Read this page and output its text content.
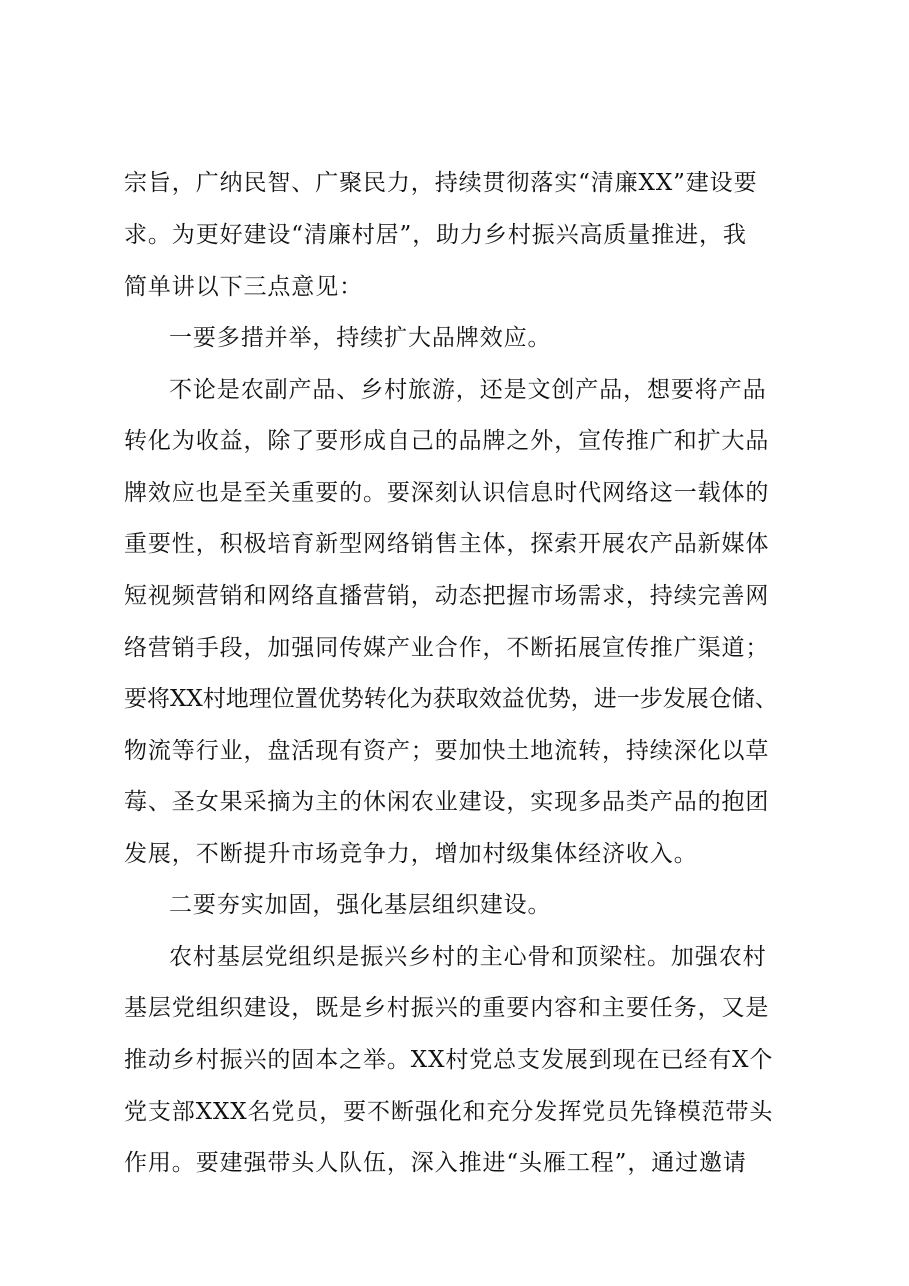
宗旨，广纳民智、广聚民力，持续贯彻落实“清廉XX”建设要
求。为更好建设“清廉村居”，助力乡村振兴高质量推进，我
简单讲以下三点意见：
一要多措并举，持续扩大品牌效应。
不论是农副产品、乡村旅游，还是文创产品，想要将产品
转化为收益，除了要形成自己的品牌之外，宣传推广和扩大品
牌效应也是至关重要的。要深刻认识信息时代网络这一载体的
重要性，积极培育新型网络销售主体，探索开展农产品新媒体
短视频营销和网络直播营销，动态把握市场需求，持续完善网
络营销手段，加强同传媒产业合作，不断拓展宣传推广渠道；
要将XX村地理位置优势转化为获取效益优势，进一步发展仓储、
物流等行业，盘活现有资产；要加快土地流转，持续深化以草
莓、圣女果采摘为主的休闲农业建设，实现多品类产品的抱团
发展，不断提升市场竞争力，增加村级集体经济收入。
二要夯实加固，强化基层组织建设。
农村基层党组织是振兴乡村的主心骨和顶梁柱。加强农村
基层党组织建设，既是乡村振兴的重要内容和主要任务，又是
推动乡村振兴的固本之举。XX村党总支发展到现在已经有X个
党支部XXX名党员，要不断强化和充分发挥党员先锋模范带头
作用。要建强带头人队伍，深入推进“头雁工程”，通过邀请
